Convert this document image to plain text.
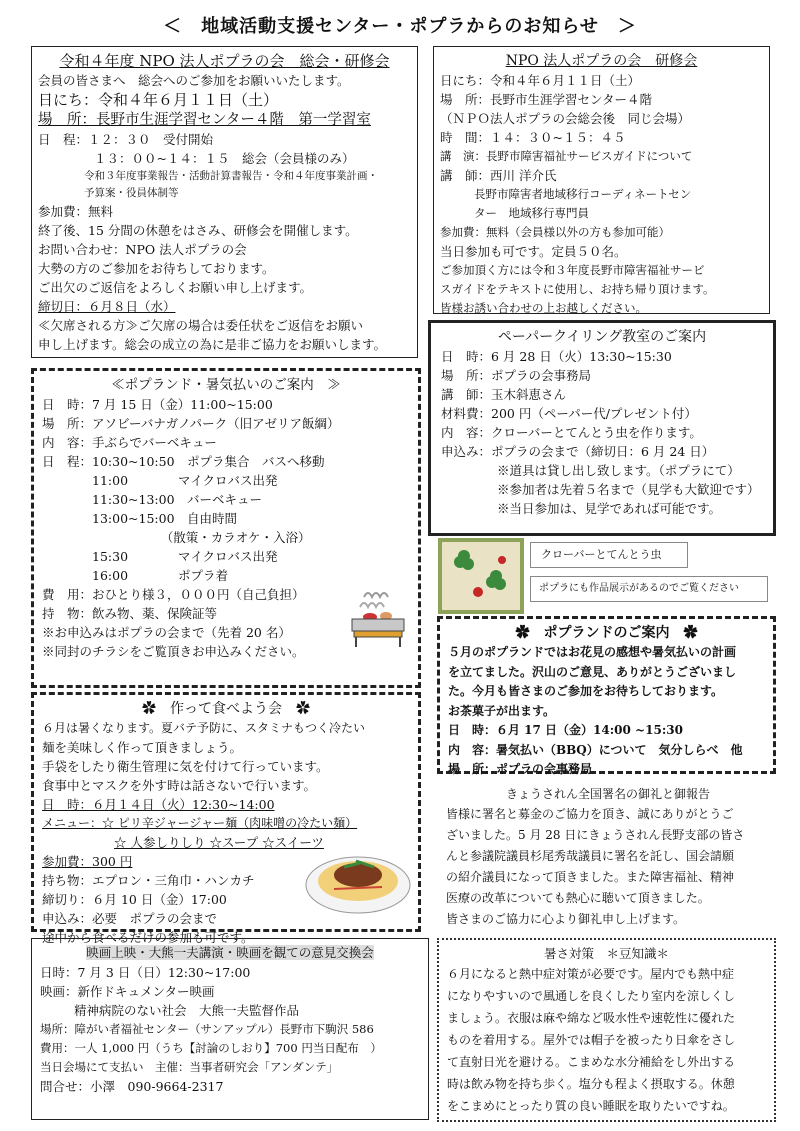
＜　地域活動支援センター・ポプラからのお知らせ　＞
令和４年度 NPO 法人ポプラの会　総会・研修会
会員の皆さまへ　総会へのご参加をお願いいたします。
日にち：令和４年６月１１日（土）
場　所：長野市生涯学習センター４階　第一学習室
日　程：１２：３０　受付開始
１３：００~１４：１５　総会（会員様のみ）
令和３年度事業報告・活動計算書報告・令和４年度事業計画・
予算案・役員体制等
参加費：無料
終了後、15 分間の休憩をはさみ、研修会を開催します。
お問い合わせ：NPO 法人ポプラの会
大勢の方のご参加をお待ちしております。
ご出欠のご返信をよろしくお願い申し上げます。
締切日：６月８日（水）
≪欠席される方≫ご欠席の場合は委任状をご返信をお願い
申し上げます。総会の成立の為に是非ご協力をお願いします。
NPO 法人ポプラの会　研修会
日にち：令和４年６月１１日（土）
場　所：長野市生涯学習センター４階
（ＮＰＯ法人ポプラの会総会後　同じ会場）
時　間：１４：３０~１５：４５
講　演：長野市障害福祉サービスガイドについて
講　師：西川 洋介氏
長野市障害者地域移行コーディネートセン
ター　地域移行専門員
参加費：無料（会員様以外の方も参加可能）
当日参加も可です。定員５０名。
ご参加頂く方には令和３年度長野市障害福祉サービ
スガイドをテキストに使用し、お持ち帰り頂けます。
皆様お誘い合わせの上お越しください。
≪ポプランド・暑気払いのご案内　≫
日　時：7 月 15 日（金）11:00~15:00
場　所：アソビーバナガノパーク（旧アゼリア飯綱）
内　容：手ぶらでバーベキュー
日　程：10:30~10:50　ポプラ集合　バスへ移動
　　　　11:00　　　　マイクロバス出発
　　　　11:30~13:00　バーベキュー
　　　　13:00~15:00　自由時間
　　　　　　　　　　（散策・カラオケ・入浴）
　　　　15:30　　　　マイクロバス出発
　　　　16:00　　　　ポプラ着
費　用：おひとり様３，０００円（自己負担）
持　物：飲み物、薬、保険証等
※お申込みはポプラの会まで（先着 20 名）
※同封のチラシをご覧頂きお申込みください。
✿　作って食べよう会　✿
６月は暑くなります。夏バテ予防に、スタミナもつく冷たい
麺を美味しく作って頂きましょう。
手袋をしたり衛生管理に気を付けて行っています。
食事中とマスクを外す時は話さないで行います。
日　時：６月１４日（火）12:30~14:00
メニュー：☆ ピリ辛ジャージャー麺（肉味噌の冷たい麺）
☆ 人参しりしり ☆スープ ☆スイーツ
参加費：300 円
持ち物：エプロン・三角巾・ハンカチ
締切り：６月 10 日（金）17:00
申込み：必要　ポプラの会まで
途中から食べるだけの参加も可です。
映画上映・大熊一夫講演・映画を観ての意見交換会
日時：7 月 3 日（日）12:30~17:00
映画：新作ドキュメンター映画
精神病院のない社会　大熊一夫監督作品
場所：障がい者福祉センター（サンアップル）長野市下駒沢 586
費用：一人 1,000 円（うち【討論のしおり】700 円当日配布　）
当日会場にて支払い　主催：当事者研究会「アンダンテ」
問合せ：小澤　090-9664-2317
ペーパークイリング教室のご案内
日　時：6 月 28 日（火）13:30~15:30
場　所：ポプラの会事務局
講　師：玉木斜恵さん
材料費：200 円（ペーパー代/プレゼント付）
内　容：クローバーとてんとう虫を作ります。
申込み：ポプラの会まで（締切日：6 月 24 日）
※道具は貸し出し致します。（ポプラにて）
※参加者は先着５名まで（見学も大歓迎です）
※当日参加は、見学であれば可能です。
クローバーとてんとう虫
ポプラにも作品展示があるのでご覧ください
✿　ポプランドのご案内　✿
５月のポプランドではお花見の感想や暑気払いの計画
を立てました。沢山のご意見、ありがとうございまし
た。今月も皆さまのご参加をお待ちしております。
お茶菓子が出ます。
日　時：６月 17 日（金）14:00 ~15:30
内　容：暑気払い（BBQ）について　気分しらべ　他
場　所：ポプラの会事務局
きょうされん全国署名の御礼と御報告
皆様に署名と募金のご協力を頂き、誠にありがとうご
ざいました。5 月 28 日にきょうされん長野支部の皆さ
んと参議院議員杉尾秀哉議員に署名を託し、国会請願
の紹介議員になって頂きました。また障害福祉、精神
医療の改革についても熱心に聴いて頂きました。
皆さまのご協力に心より御礼申し上げます。
暑さ対策　＊豆知識＊
６月になると熱中症対策が必要です。屋内でも熱中症
になりやすいので風通しを良くしたり室内を涼しくし
ましょう。衣服は麻や綿など吸水性や速乾性に優れた
ものを着用する。屋外では帽子を被ったり日傘をさし
て直射日光を避ける。こまめな水分補給をし外出する
時は飲み物を持ち歩く。塩分も程よく摂取する。休憩
をこまめにとったり質の良い睡眠を取りたいですね。
